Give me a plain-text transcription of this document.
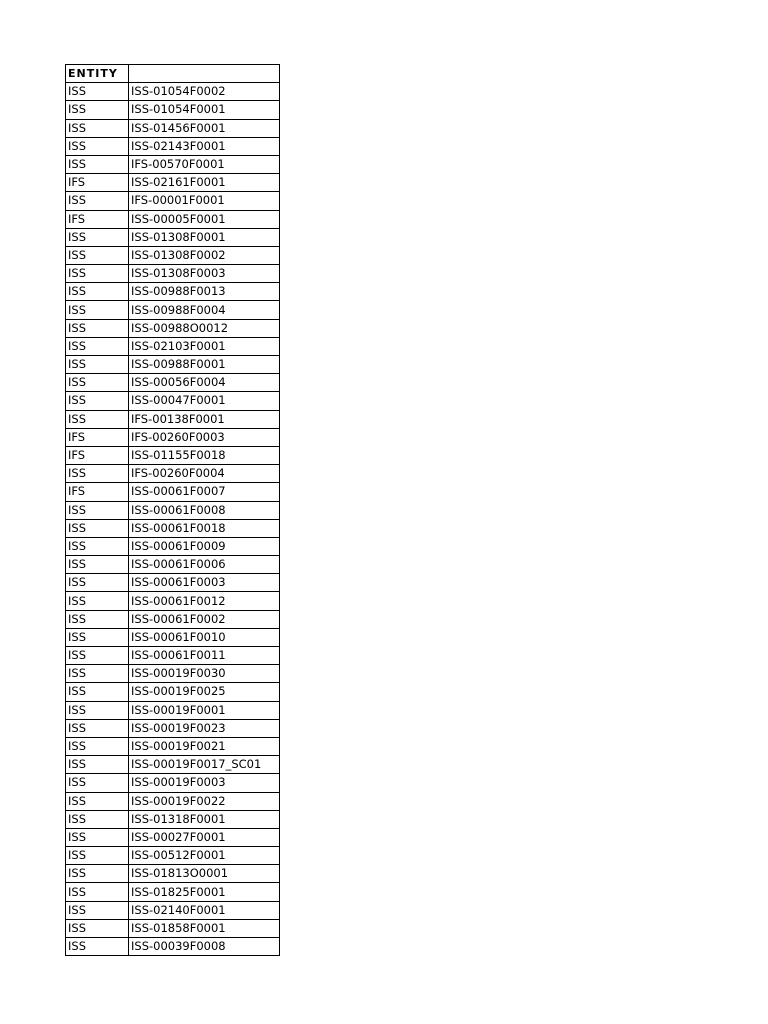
ENTITY	
ISS	ISS-01054F0002
ISS	ISS-01054F0001
ISS	ISS-01456F0001
ISS	ISS-02143F0001
ISS	IFS-00570F0001
IFS	ISS-02161F0001
ISS	IFS-00001F0001
IFS	ISS-00005F0001
ISS	ISS-01308F0001
ISS	ISS-01308F0002
ISS	ISS-01308F0003
ISS	ISS-00988F0013
ISS	ISS-00988F0004
ISS	ISS-00988O0012
ISS	ISS-02103F0001
ISS	ISS-00988F0001
ISS	ISS-00056F0004
ISS	ISS-00047F0001
ISS	IFS-00138F0001
IFS	IFS-00260F0003
IFS	ISS-01155F0018
ISS	IFS-00260F0004
IFS	ISS-00061F0007
ISS	ISS-00061F0008
ISS	ISS-00061F0018
ISS	ISS-00061F0009
ISS	ISS-00061F0006
ISS	ISS-00061F0003
ISS	ISS-00061F0012
ISS	ISS-00061F0002
ISS	ISS-00061F0010
ISS	ISS-00061F0011
ISS	ISS-00019F0030
ISS	ISS-00019F0025
ISS	ISS-00019F0001
ISS	ISS-00019F0023
ISS	ISS-00019F0021
ISS	ISS-00019F0017_SC01
ISS	ISS-00019F0003
ISS	ISS-00019F0022
ISS	ISS-01318F0001
ISS	ISS-00027F0001
ISS	ISS-00512F0001
ISS	ISS-01813O0001
ISS	ISS-01825F0001
ISS	ISS-02140F0001
ISS	ISS-01858F0001
ISS	ISS-00039F0008
